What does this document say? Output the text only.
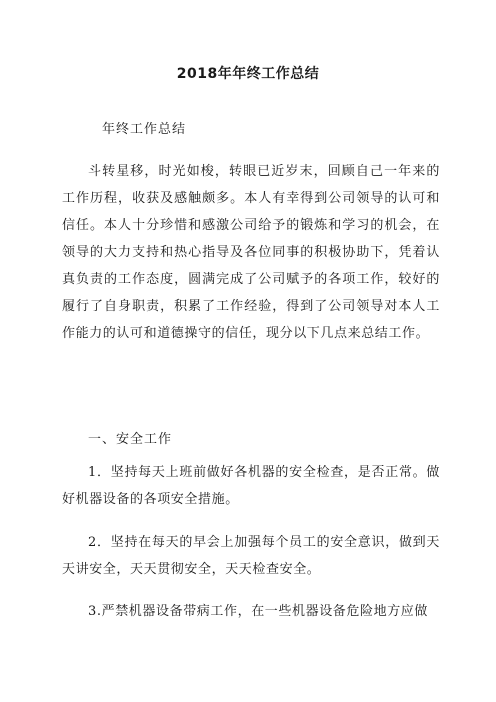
2018年年终工作总结
年终工作总结
斗转星移，时光如梭，转眼已近岁末，回顾自己一年来的工作历程，收获及感触颇多。本人有幸得到公司领导的认可和信任。本人十分珍惜和感激公司给予的锻炼和学习的机会，在领导的大力支持和热心指导及各位同事的积极协助下，凭着认真负责的工作态度，圆满完成了公司赋予的各项工作，较好的履行了自身职责，积累了工作经验，得到了公司领导对本人工作能力的认可和道德操守的信任，现分以下几点来总结工作。
一、安全工作
1．坚持每天上班前做好各机器的安全检查，是否正常。做好机器设备的各项安全措施。
2．坚持在每天的早会上加强每个员工的安全意识，做到天天讲安全，天天贯彻安全，天天检查安全。
3.严禁机器设备带病工作，在一些机器设备危险地方应做
